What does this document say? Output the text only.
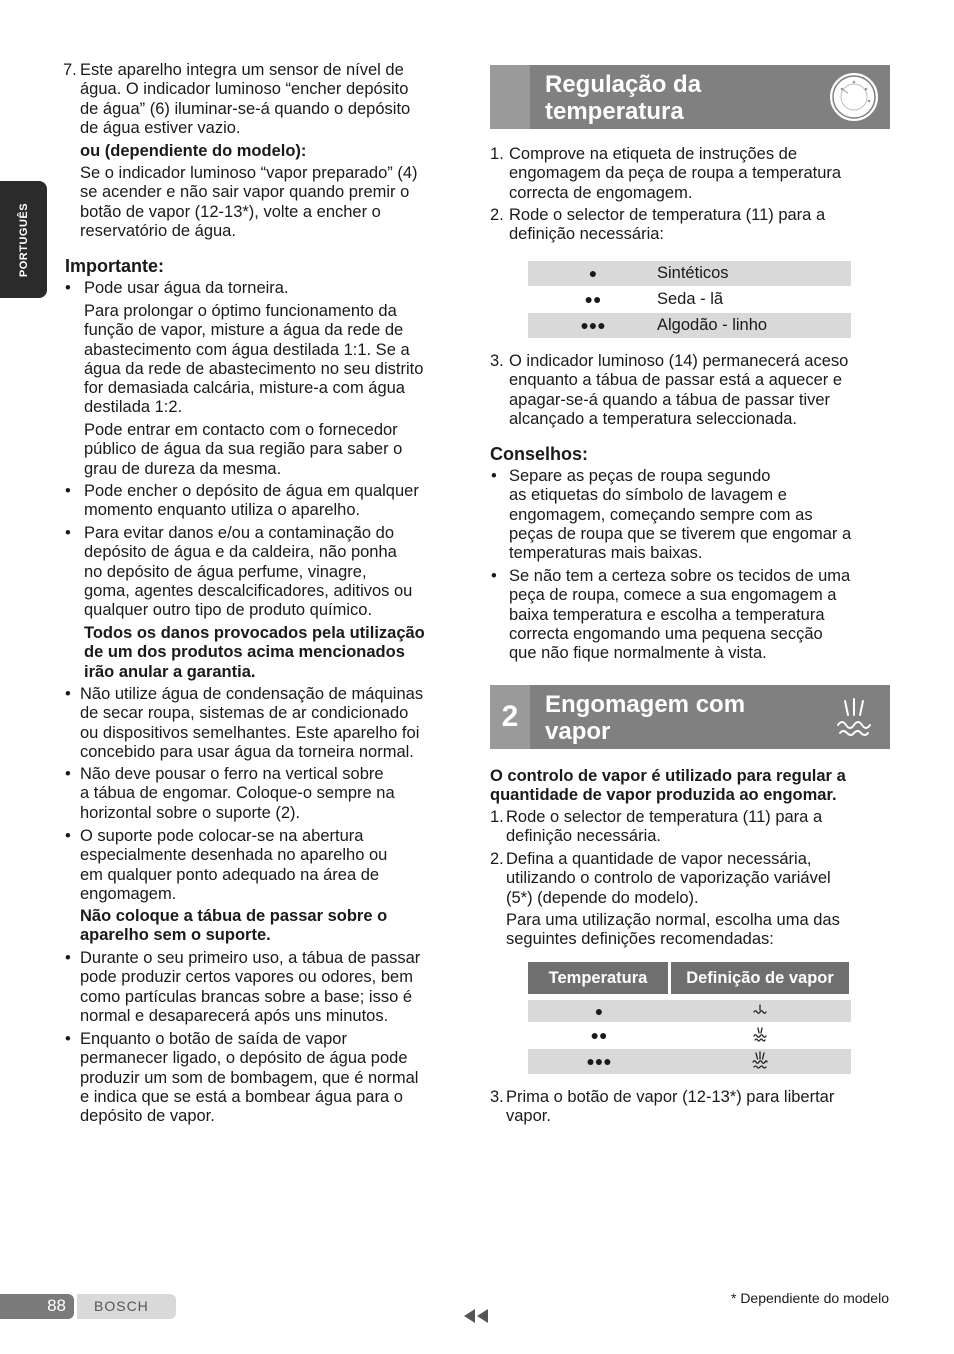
PORTUGUÊS
7. Este aparelho integra um sensor de nível de
água. O indicador luminoso “encher depósito
de água” (6) iluminar-se-á quando o depósito
de água estiver vazio.
ou (dependiente do modelo):
Se o indicador luminoso “vapor preparado” (4)
se acender e não sair vapor quando premir o
botão de vapor (12-13*), volte a encher o
reservatório de água.
Importante:
• Pode usar água da torneira.
Para prolongar o óptimo funcionamento da
função de vapor, misture a água da rede de
abastecimento com água destilada 1:1. Se a
água da rede de abastecimento no seu distrito
for demasiada calcária, misture-a com água
destilada 1:2.
Pode entrar em contacto com o fornecedor
público de água da sua região para saber o
grau de dureza da mesma.
• Pode encher o depósito de água em qualquer
momento enquanto utiliza o aparelho.
• Para evitar danos e/ou a contaminação do
depósito de água e da caldeira, não ponha
no depósito de água perfume, vinagre,
goma, agentes descalcificadores, aditivos ou
qualquer outro tipo de produto químico.
Todos os danos provocados pela utilização
de um dos produtos acima mencionados
irão anular a garantia.
• Não utilize água de condensação de máquinas
de secar roupa, sistemas de ar condicionado
ou dispositivos semelhantes. Este aparelho foi
concebido para usar água da torneira normal.
• Não deve pousar o ferro na vertical sobre
a tábua de engomar. Coloque-o sempre na
horizontal sobre o suporte (2).
• O suporte pode colocar-se na abertura
especialmente desenhada no aparelho ou
em qualquer ponto adequado na área de
engomagem.
Não coloque a tábua de passar sobre o
aparelho sem o suporte.
• Durante o seu primeiro uso, a tábua de passar
pode produzir certos vapores ou odores, bem
como partículas brancas sobre a base; isso é
normal e desaparecerá após uns minutos.
• Enquanto o botão de saída de vapor
permanecer ligado, o depósito de água pode
produzir um som de bombagem, que é normal
e indica que se está a bombear água para o
depósito de vapor.
Regulação da
temperatura
1. Comprove na etiqueta de instruções de
engomagem da peça de roupa a temperatura
correcta de engomagem.
2. Rode o selector de temperatura (11) para a
definição necessária:
●	Sintéticos
●●	Seda - lã
●●●	Algodão - linho
3. O indicador luminoso (14) permanecerá aceso
enquanto a tábua de passar está a aquecer e
apagar-se-á quando a tábua de passar tiver
alcançado a temperatura seleccionada.
Conselhos:
• Separe as peças de roupa segundo
as etiquetas do símbolo de lavagem e
engomagem, começando sempre com as
peças de roupa que se tiverem que engomar a
temperaturas mais baixas.
• Se não tem a certeza sobre os tecidos de uma
peça de roupa, comece a sua engomagem a
baixa temperatura e escolha a temperatura
correcta engomando uma pequena secção
que não fique normalmente à vista.
2	Engomagem com
vapor
O controlo de vapor é utilizado para regular a
quantidade de vapor produzida ao engomar.
1. Rode o selector de temperatura (11) para a
definição necessária.
2. Defina a quantidade de vapor necessária,
utilizando o controlo de vaporização variável
(5*) (depende do modelo).
Para uma utilização normal, escolha uma das
seguintes definições recomendadas:
Temperatura	Definição de vapor
●
●●
●●●
3. Prima o botão de vapor (12-13*) para libertar
vapor.
88 BOSCH	* Dependiente do modelo
